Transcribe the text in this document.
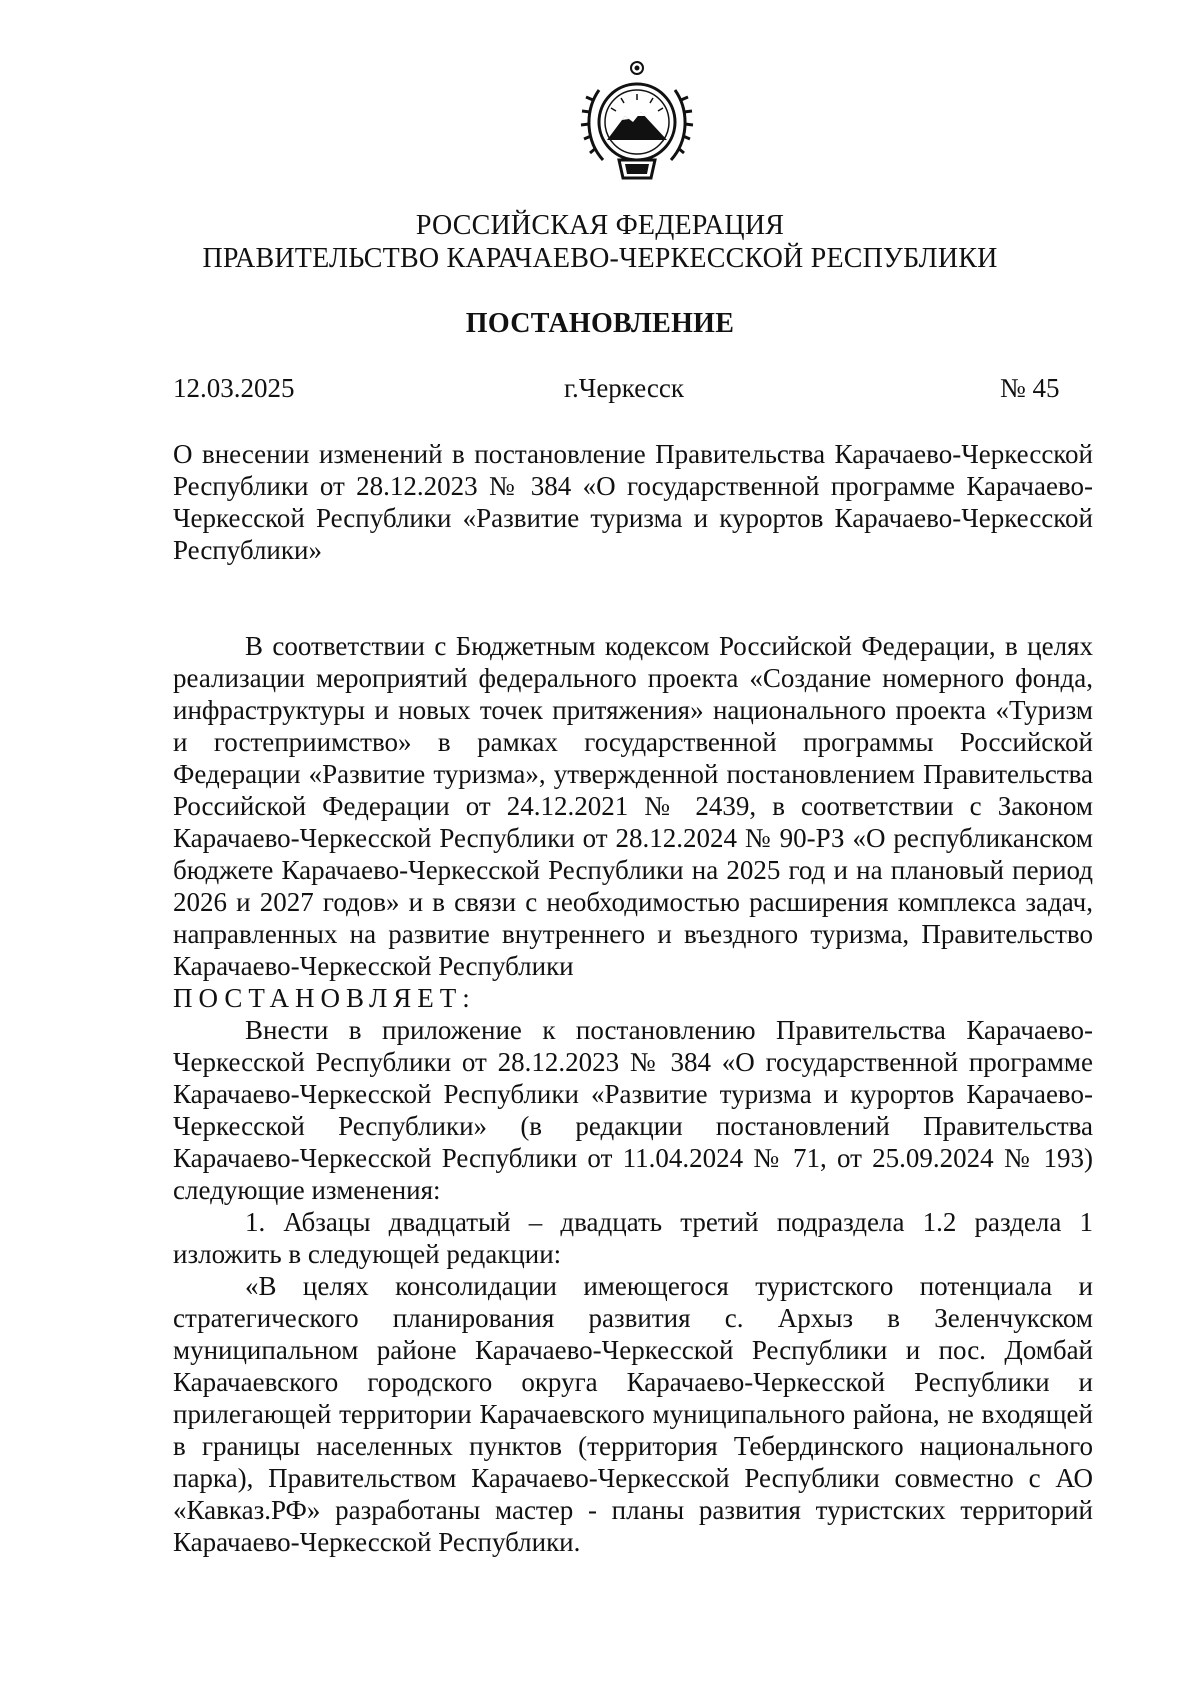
РОССИЙСКАЯ ФЕДЕРАЦИЯ
ПРАВИТЕЛЬСТВО КАРАЧАЕВО-ЧЕРКЕССКОЙ РЕСПУБЛИКИ
ПОСТАНОВЛЕНИЕ
12.03.2025	г.Черкесск	№ 45
О внесении изменений в постановление Правительства Карачаево-Черкесской Республики от 28.12.2023 № 384 «О государственной программе Карачаево-Черкесской Республики «Развитие туризма и курортов Карачаево-Черкесской Республики»

В соответствии с Бюджетным кодексом Российской Федерации, в целях реализации мероприятий федерального проекта «Создание номерного фонда, инфраструктуры и новых точек притяжения» национального проекта «Туризм и гостеприимство» в рамках государственной программы Российской Федерации «Развитие туризма», утвержденной постановлением Правительства Российской Федерации от 24.12.2021 № 2439, в соответствии с Законом Карачаево-Черкесской Республики от 28.12.2024 № 90-РЗ «О республиканском бюджете Карачаево-Черкесской Республики на 2025 год и на плановый период 2026 и 2027 годов» и в связи с необходимостью расширения комплекса задач, направленных на развитие внутреннего и въездного туризма, Правительство Карачаево-Черкесской Республики

ПОСТАНОВЛЯЕТ:

Внести в приложение к постановлению Правительства Карачаево-Черкесской Республики от 28.12.2023 № 384 «О государственной программе Карачаево-Черкесской Республики «Развитие туризма и курортов Карачаево-Черкесской Республики» (в редакции постановлений Правительства Карачаево-Черкесской Республики от 11.04.2024 № 71, от 25.09.2024 № 193) следующие изменения:

1. Абзацы двадцатый – двадцать третий подраздела 1.2 раздела 1 изложить в следующей редакции:

«В целях консолидации имеющегося туристского потенциала и стратегического планирования развития с. Архыз в Зеленчукском муниципальном районе Карачаево-Черкесской Республики и пос. Домбай Карачаевского городского округа Карачаево-Черкесской Республики и прилегающей территории Карачаевского муниципального района, не входящей в границы населенных пунктов (территория Тебердинского национального парка), Правительством Карачаево-Черкесской Республики совместно с АО «Кавказ.РФ» разработаны мастер - планы развития туристских территорий Карачаево-Черкесской Республики.
